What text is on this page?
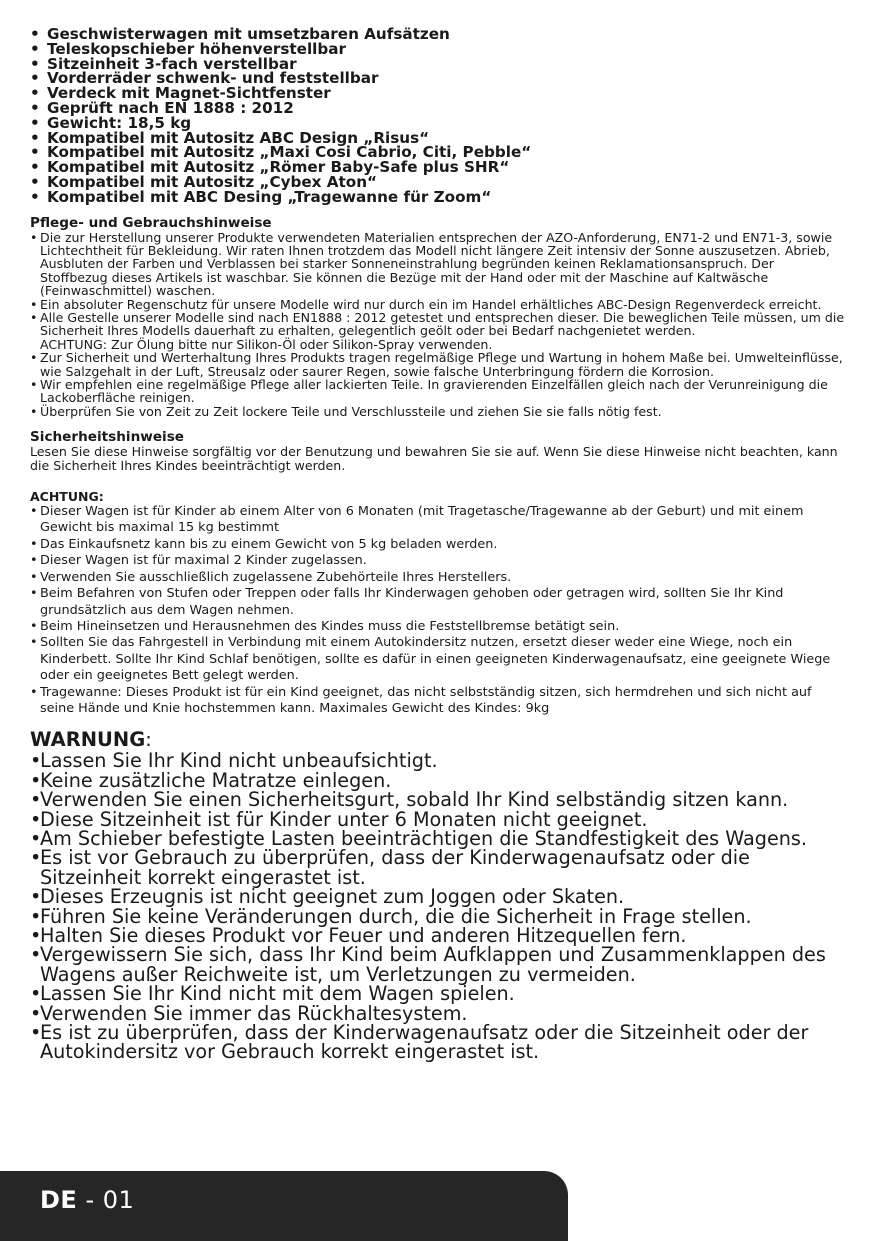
• Geschwisterwagen mit umsetzbaren Aufsätzen
• Teleskopschieber höhenverstellbar
• Sitzeinheit 3-fach verstellbar
• Vorderräder schwenk- und feststellbar
• Verdeck mit Magnet-Sichtfenster
• Geprüft nach EN 1888 : 2012
• Gewicht: 18,5 kg
• Kompatibel mit Autositz ABC Design „Risus“
• Kompatibel mit Autositz „Maxi Cosi Cabrio, Citi, Pebble“
• Kompatibel mit Autositz „Römer Baby-Safe plus SHR“
• Kompatibel mit Autositz „Cybex Aton“
• Kompatibel mit ABC Desing „Tragewanne für Zoom“
Pflege- und Gebrauchshinweise
• Die zur Herstellung unserer Produkte verwendeten Materialien entsprechen der AZO-Anforderung, EN71-2 und EN71-3, sowie Lichtechtheit für Bekleidung. Wir raten Ihnen trotzdem das Modell nicht längere Zeit intensiv der Sonne auszusetzen. Abrieb, Ausbluten der Farben und Verblassen bei starker Sonneneinstrahlung begründen keinen Reklamationsanspruch. Der Stoffbezug dieses Artikels ist waschbar. Sie können die Bezüge mit der Hand oder mit der Maschine auf Kaltwäsche (Feinwaschmittel) waschen.
• Ein absoluter Regenschutz für unsere Modelle wird nur durch ein im Handel erhältliches ABC-Design Regenverdeck erreicht.
• Alle Gestelle unserer Modelle sind nach EN1888 : 2012 getestet und entsprechen dieser. Die beweglichen Teile müssen, um die Sicherheit Ihres Modells dauerhaft zu erhalten, gelegentlich geölt oder bei Bedarf nachgenietet werden.
ACHTUNG: Zur Ölung bitte nur Silikon-Öl oder Silikon-Spray verwenden.
• Zur Sicherheit und Werterhaltung Ihres Produkts tragen regelmäßige Pflege und Wartung in hohem Maße bei. Umwelteinflüsse, wie Salzgehalt in der Luft, Streusalz oder saurer Regen, sowie falsche Unterbringung fördern die Korrosion.
• Wir empfehlen eine regelmäßige Pflege aller lackierten Teile. In gravierenden Einzelfällen gleich nach der Verunreinigung die Lackoberfläche reinigen.
• Überprüfen Sie von Zeit zu Zeit lockere Teile und Verschlussteile und ziehen Sie sie falls nötig fest.
Sicherheitshinweise

Lesen Sie diese Hinweise sorgfältig vor der Benutzung und bewahren Sie sie auf. Wenn Sie diese Hinweise nicht beachten, kann die Sicherheit Ihres Kindes beeinträchtigt werden.

ACHTUNG:
• Dieser Wagen ist für Kinder ab einem Alter von 6 Monaten (mit Tragetasche/Tragewanne ab der Geburt) und mit einem Gewicht bis maximal 15 kg bestimmt
• Das Einkaufsnetz kann bis zu einem Gewicht von 5 kg beladen werden.
• Dieser Wagen ist für maximal 2 Kinder zugelassen.
• Verwenden Sie ausschließlich zugelassene Zubehörteile Ihres Herstellers.
• Beim Befahren von Stufen oder Treppen oder falls Ihr Kinderwagen gehoben oder getragen wird, sollten Sie Ihr Kind grundsätzlich aus dem Wagen nehmen.
• Beim Hineinsetzen und Herausnehmen des Kindes muss die Feststellbremse betätigt sein.
• Sollten Sie das Fahrgestell in Verbindung mit einem Autokindersitz nutzen, ersetzt dieser weder eine Wiege, noch ein Kinderbett. Sollte Ihr Kind Schlaf benötigen, sollte es dafür in einen geeigneten Kinderwagenaufsatz, eine geeignete Wiege oder ein geeignetes Bett gelegt werden.
• Tragewanne: Dieses Produkt ist für ein Kind geeignet, das nicht selbstständig sitzen, sich hermdrehen und sich nicht auf seine Hände und Knie hochstemmen kann. Maximales Gewicht des Kindes: 9kg

WARNUNG:

• Lassen Sie Ihr Kind nicht unbeaufsichtigt.
• Keine zusätzliche Matratze einlegen.
• Verwenden Sie einen Sicherheitsgurt, sobald Ihr Kind selbständig sitzen kann.
• Diese Sitzeinheit ist für Kinder unter 6 Monaten nicht geeignet.
• Am Schieber befestigte Lasten beeinträchtigen die Standfestigkeit des Wagens.
• Es ist vor Gebrauch zu überprüfen, dass der Kinderwagenaufsatz oder die Sitzeinheit korrekt eingerastet ist.
• Dieses Erzeugnis ist nicht geeignet zum Joggen oder Skaten.
• Führen Sie keine Veränderungen durch, die die Sicherheit in Frage stellen.
• Halten Sie dieses Produkt vor Feuer und anderen Hitzequellen fern.
• Vergewissern Sie sich, dass Ihr Kind beim Aufklappen und Zusammenklappen des Wagens außer Reichweite ist, um Verletzungen zu vermeiden.
• Lassen Sie Ihr Kind nicht mit dem Wagen spielen.
• Verwenden Sie immer das Rückhaltesystem.
• Es ist zu überprüfen, dass der Kinderwagenaufsatz oder die Sitzeinheit oder der Autokindersitz vor Gebrauch korrekt eingerastet ist.
DE - 01
